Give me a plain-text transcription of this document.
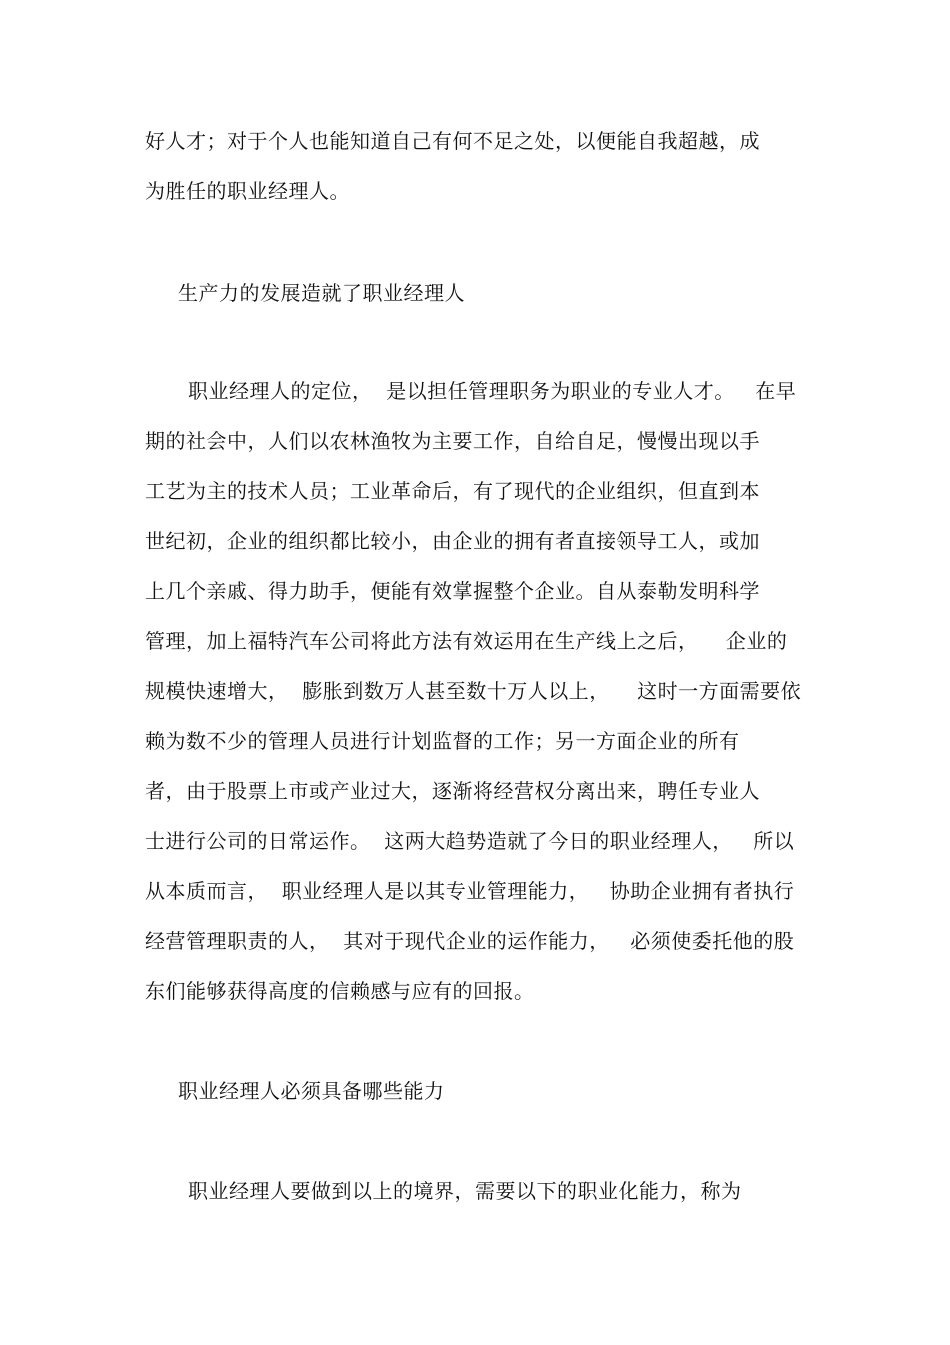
好人才；对于个人也能知道自己有何不足之处，以便能自我超越，成
为胜任的职业经理人。
生产力的发展造就了职业经理人
职业经理人的定位，  是以担任管理职务为职业的专业人才。   在早
期的社会中，人们以农林渔牧为主要工作，自给自足，慢慢出现以手
工艺为主的技术人员；工业革命后，有了现代的企业组织，但直到本
世纪初，企业的组织都比较小，由企业的拥有者直接领导工人，或加
上几个亲戚、得力助手，便能有效掌握整个企业。自从泰勒发明科学
管理，加上福特汽车公司将此方法有效运用在生产线上之后，    企业的
规模快速增大，  膨胀到数万人甚至数十万人以上，    这时一方面需要依
赖为数不少的管理人员进行计划监督的工作；另一方面企业的所有
者，由于股票上市或产业过大，逐渐将经营权分离出来，聘任专业人
士进行公司的日常运作。  这两大趋势造就了今日的职业经理人，   所以
从本质而言，  职业经理人是以其专业管理能力，   协助企业拥有者执行
经营管理职责的人，  其对于现代企业的运作能力，   必须使委托他的股
东们能够获得高度的信赖感与应有的回报。
职业经理人必须具备哪些能力
职业经理人要做到以上的境界，需要以下的职业化能力，称为
